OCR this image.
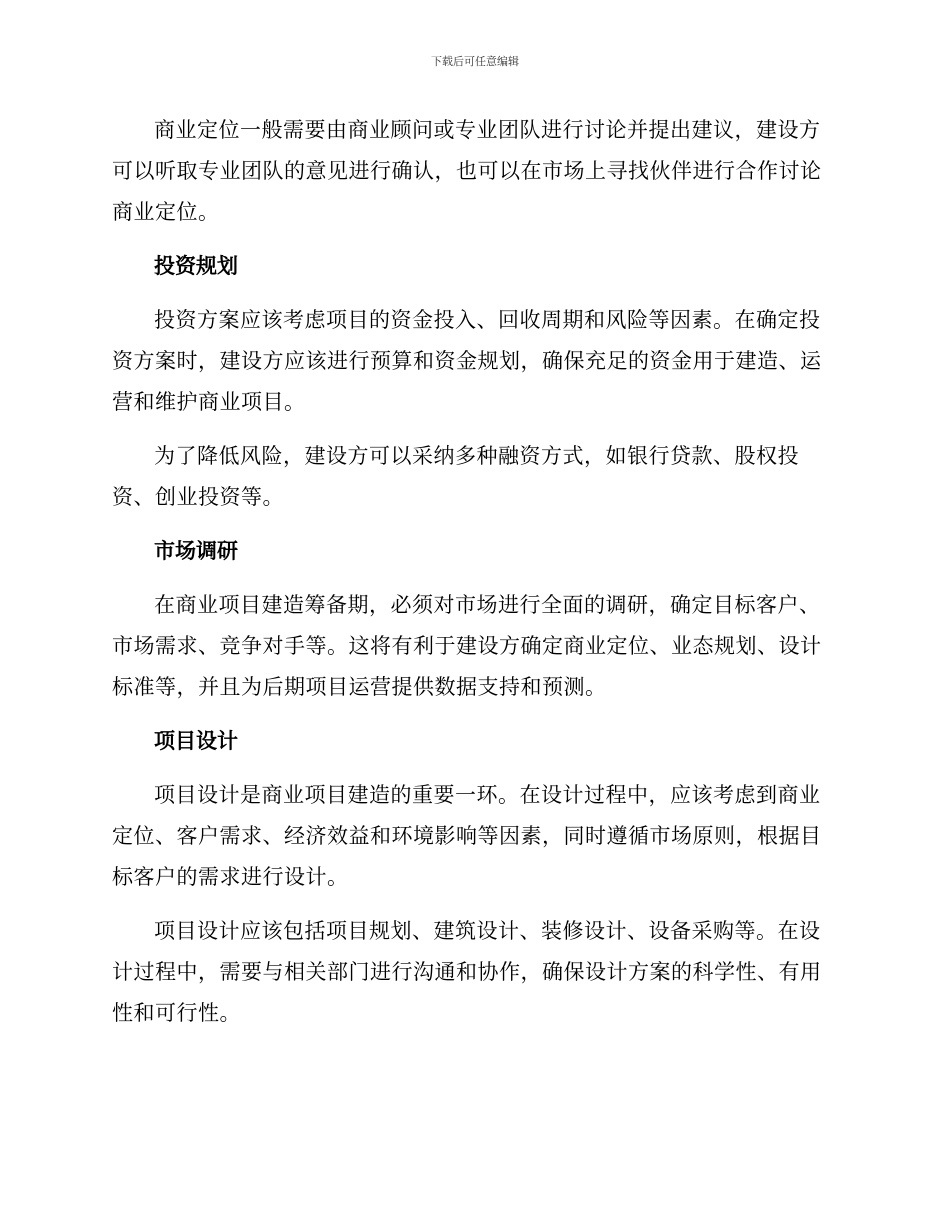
下载后可任意编辑

商业定位一般需要由商业顾问或专业团队进行讨论并提出建议，建设方可以听取专业团队的意见进行确认，也可以在市场上寻找伙伴进行合作讨论商业定位。

投资规划

投资方案应该考虑项目的资金投入、回收周期和风险等因素。在确定投资方案时，建设方应该进行预算和资金规划，确保充足的资金用于建造、运营和维护商业项目。

为了降低风险，建设方可以采纳多种融资方式，如银行贷款、股权投资、创业投资等。

市场调研

在商业项目建造筹备期，必须对市场进行全面的调研，确定目标客户、市场需求、竞争对手等。这将有利于建设方确定商业定位、业态规划、设计标准等，并且为后期项目运营提供数据支持和预测。

项目设计

项目设计是商业项目建造的重要一环。在设计过程中，应该考虑到商业定位、客户需求、经济效益和环境影响等因素，同时遵循市场原则，根据目标客户的需求进行设计。

项目设计应该包括项目规划、建筑设计、装修设计、设备采购等。在设计过程中，需要与相关部门进行沟通和协作，确保设计方案的科学性、有用性和可行性。
